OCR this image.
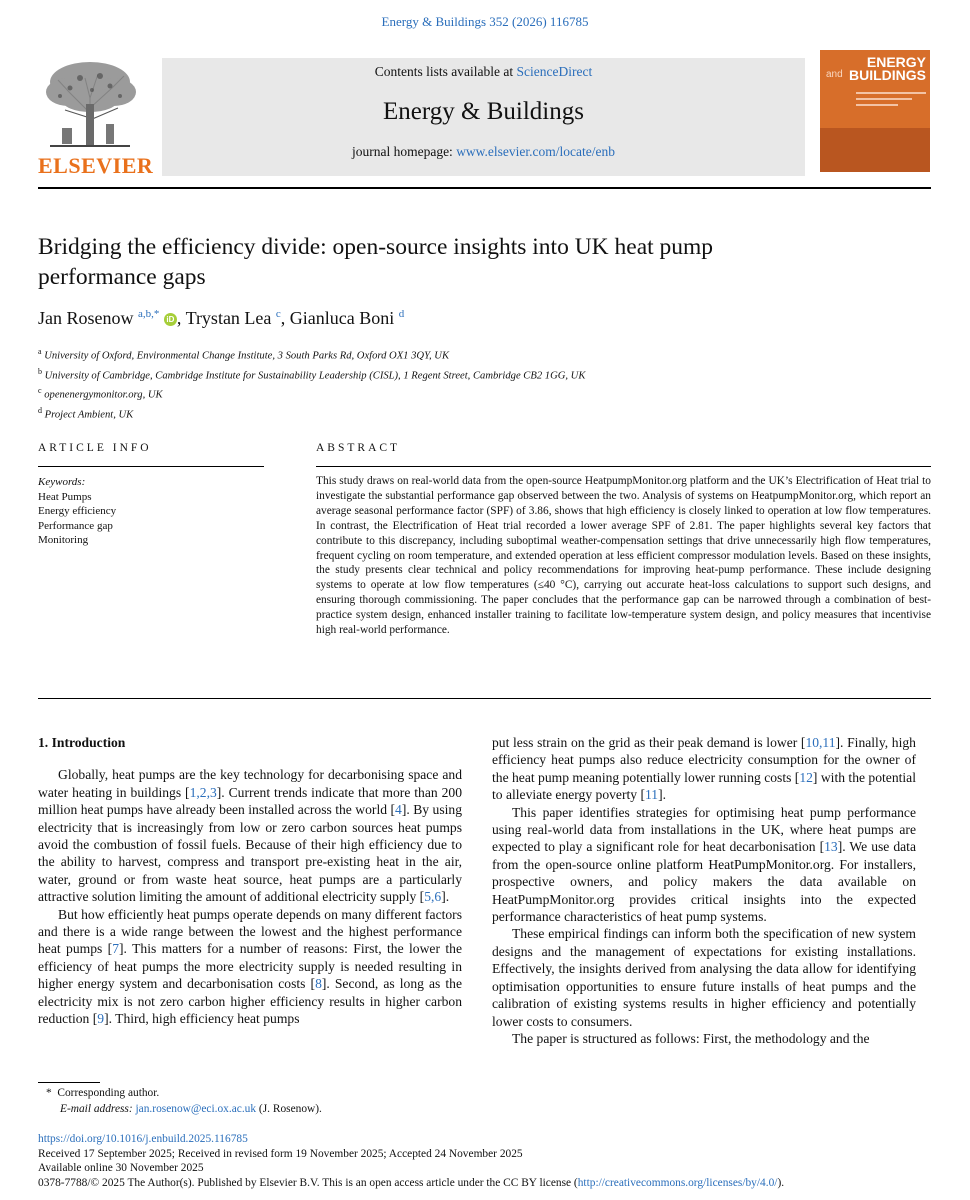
Energy & Buildings 352 (2026) 116785
ELSEVIER
Contents lists available at ScienceDirect
Energy & Buildings
journal homepage: www.elsevier.com/locate/enb
ENERGY
BUILDINGS
and
Bridging the efficiency divide: open-source insights into UK heat pump performance gaps
Jan Rosenow $^{a,b,*}$ iD , Trystan Lea $^c$, Gianluca Boni $^d$
$^a$ University of Oxford, Environmental Change Institute, 3 South Parks Rd, Oxford OX1 3QY, UK
$^b$ University of Cambridge, Cambridge Institute for Sustainability Leadership (CISL), 1 Regent Street, Cambridge CB2 1GG, UK
$^c$ openenergymonitor.org, UK
$^d$ Project Ambient, UK
ARTICLE INFO
Keywords:
Heat Pumps
Energy efficiency
Performance gap
Monitoring
ABSTRACT
This study draws on real-world data from the open-source HeatpumpMonitor.org platform and the UK’s Electrification of Heat trial to investigate the substantial performance gap observed between the two. Analysis of systems on HeatpumpMonitor.org, which report an average seasonal performance factor (SPF) of 3.86, shows that high efficiency is closely linked to operation at low flow temperatures. In contrast, the Electrification of Heat trial recorded a lower average SPF of 2.81. The paper highlights several key factors that contribute to this discrepancy, including suboptimal weather-compensation settings that drive unnecessarily high flow temperatures, frequent cycling on room temperature, and extended operation at less efficient compressor modulation levels. Based on these insights, the study presents clear technical and policy recommendations for improving heat-pump performance. These include designing systems to operate at low flow temperatures (≤40 °C), carrying out accurate heat-loss calculations to support such designs, and ensuring thorough commissioning. The paper concludes that the performance gap can be narrowed through a combination of best-practice system design, enhanced installer training to facilitate low-temperature system design, and policy measures that incentivise high real-world performance.

1. Introduction

Globally, heat pumps are the key technology for decarbonising space and water heating in buildings [1,2,3]. Current trends indicate that more than 200 million heat pumps have already been installed across the world [4]. By using electricity that is increasingly from low or zero carbon sources heat pumps avoid the combustion of fossil fuels. Because of their high efficiency due to the ability to harvest, compress and transport pre-existing heat in the air, water, ground or from waste heat source, heat pumps are a particularly attractive solution limiting the amount of additional electricity supply [5,6].

But how efficiently heat pumps operate depends on many different factors and there is a wide range between the lowest and the highest performance heat pumps [7]. This matters for a number of reasons: First, the lower the efficiency of heat pumps the more electricity supply is needed resulting in higher energy system and decarbonisation costs [8]. Second, as long as the electricity mix is not zero carbon higher efficiency results in higher carbon reduction [9]. Third, high efficiency heat pumps

put less strain on the grid as their peak demand is lower [10,11]. Finally, high efficiency heat pumps also reduce electricity consumption for the owner of the heat pump meaning potentially lower running costs [12] with the potential to alleviate energy poverty [11].

This paper identifies strategies for optimising heat pump performance using real-world data from installations in the UK, where heat pumps are expected to play a significant role for heat decarbonisation [13]. We use data from the open-source online platform HeatPumpMonitor.org. For installers, prospective owners, and policy makers the data available on HeatPumpMonitor.org provides critical insights into the expected performance characteristics of heat pump systems.

These empirical findings can inform both the specification of new system designs and the management of expectations for existing installations. Effectively, the insights derived from analysing the data allow for identifying optimisation opportunities to ensure future installs of heat pumps and the calibration of existing systems results in higher efficiency and potentially lower costs to consumers.

The paper is structured as follows: First, the methodology and the

*  Corresponding author.
E-mail address: jan.rosenow@eci.ox.ac.uk (J. Rosenow).
https://doi.org/10.1016/j.enbuild.2025.116785
Received 17 September 2025; Received in revised form 19 November 2025; Accepted 24 November 2025
Available online 30 November 2025
0378-7788/© 2025 The Author(s). Published by Elsevier B.V. This is an open access article under the CC BY license (http://creativecommons.org/licenses/by/4.0/).
